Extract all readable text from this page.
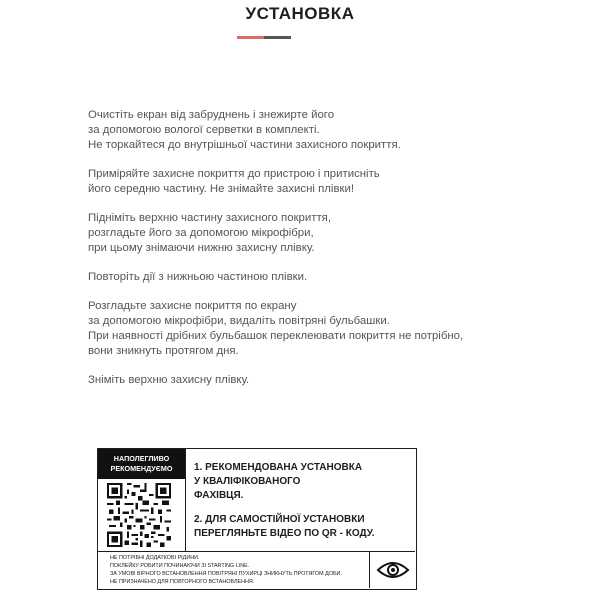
УСТАНОВКА

Очистіть екран від забруднень і знежирте його
за допомогою вологої серветки в комплекті.
Не торкайтеся до внутрішньої частини захисного покриття.

Приміряйте захисне покриття до пристрою і притисніть
його середню частину. Не знімайте захисні плівки!

Підніміть верхню частину захисного покриття,
розгладьте його за допомогою мікрофібри,
при цьому знімаючи нижню захисну плівку.

Повторіть дії з нижньою частиною плівки.

Розгладьте захисне покриття по екрану
за допомогою мікрофібри, видаліть повітряні бульбашки.
При наявності дрібних бульбашок переклеювати покриття не потрібно,
вони зникнуть протягом дня.

Зніміть верхню захисну плівку.

НАПОЛЕГЛИВО
РЕКОМЕНДУЄМО	1. РЕКОМЕНДОВАНА УСТАНОВКА
У КВАЛІФІКОВАНОГО
ФАХІВЦЯ.
2. ДЛЯ САМОСТІЙНОЇ УСТАНОВКИ
ПЕРЕГЛЯНЬТЕ ВІДЕО ПО QR - КОДУ.
НЕ ПОТРІБНІ ДОДАТКОВІ РІДИНИ.
ПОКЛЕЙКУ РОБИТИ ПОЧИНАЮЧИ ЗІ STARTING LINE.
ЗА УМОВІ ВІРНОГО ВСТАНОВЛЕННЯ ПОВІТРЯНІ ПУХИРЦІ ЗНИКНУТЬ ПРОТЯГОМ ДОБИ.
НЕ ПРИЗНАЧЕНО ДЛЯ ПОВТОРНОГО ВСТАНОВЛЕННЯ.
